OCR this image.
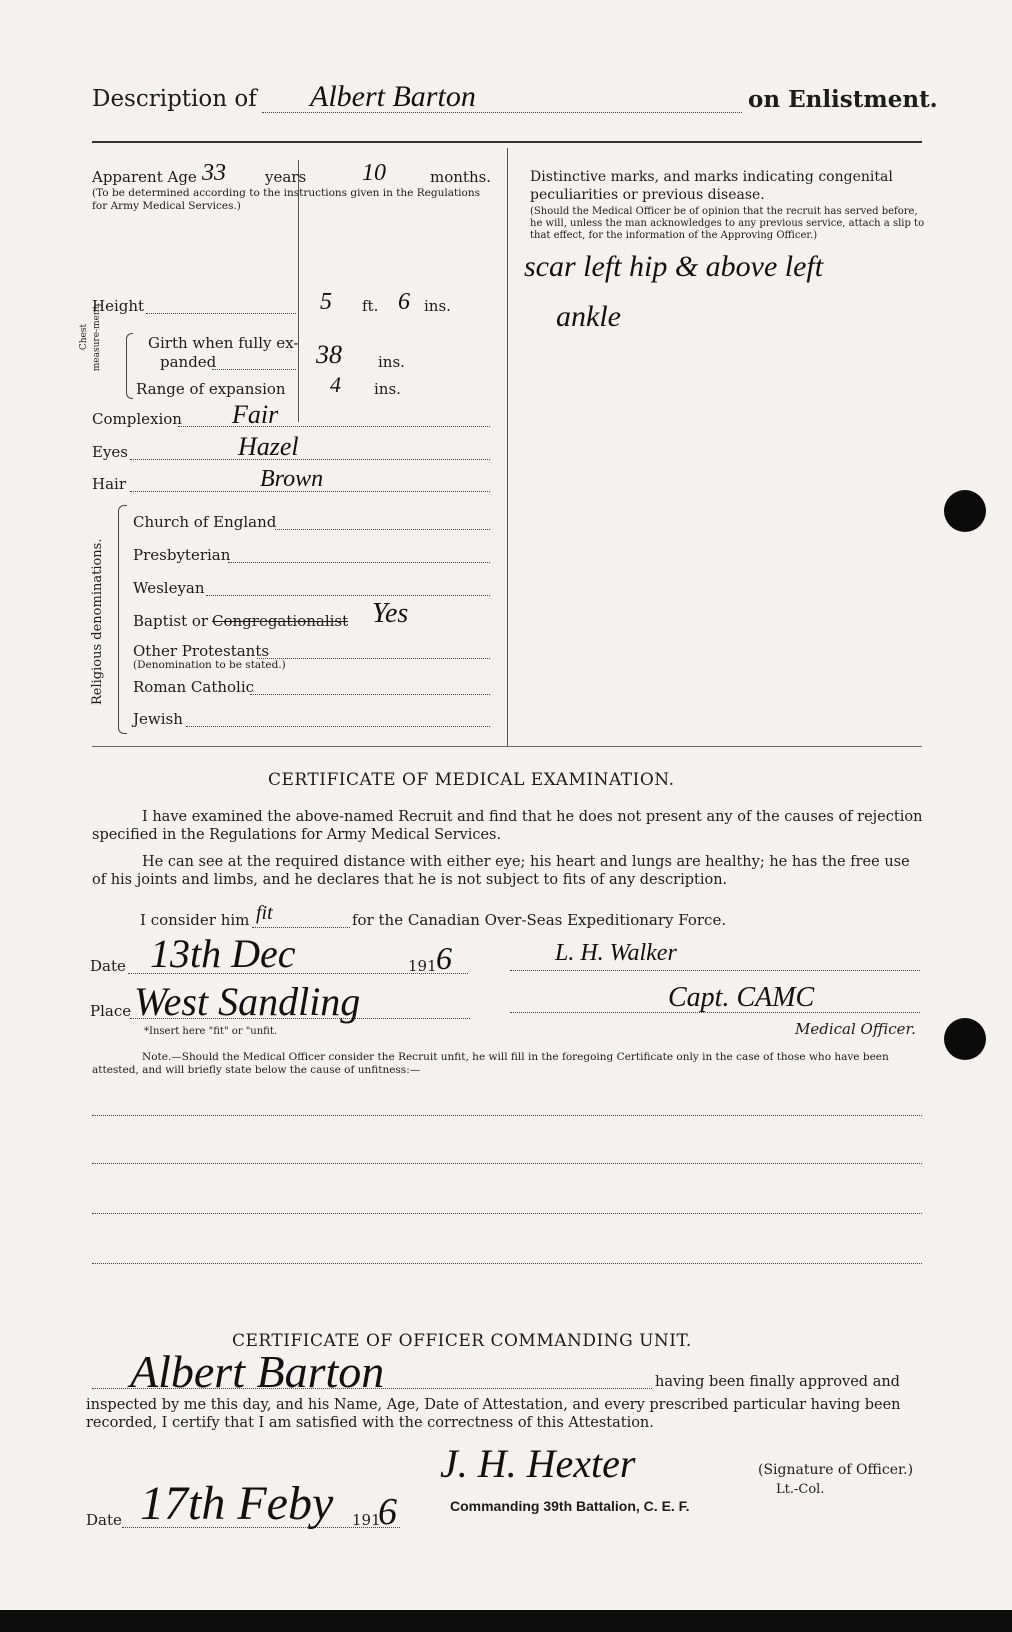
Description of Albert Barton	on Enlistment.
Apparent Age 33	years 10	months.
(To be determined according to the instructions given in the Regulations for Army Medical Services.)
Height	5 ft. 6 ins.
Chest measure-ment.	Girth when fully ex-
panded	38 ins.
Range of expansion 4 ins.
Complexion Fair
Eyes	Hazel
Hair	Brown
Religious denominations.
Church of England
Presbyterian
Wesleyan
Baptist or Congregationalist Yes
Other Protestants
(Denomination to be stated.)
Roman Catholic
Jewish
Distinctive marks, and marks indicating congenital peculiarities or previous disease.
(Should the Medical Officer be of opinion that the recruit has served before, he will, unless the man acknowledges to any previous service, attach a slip to that effect, for the information of the Approving Officer.)
scar left hip & above left
ankle
CERTIFICATE OF MEDICAL EXAMINATION.
I have examined the above-named Recruit and find that he does not present any of the causes of rejection specified in the Regulations for Army Medical Services.
He can see at the required distance with either eye; his heart and lungs are healthy; he has the free use of his joints and limbs, and he declares that he is not subject to fits of any description.
I consider him fit	for the Canadian Over-Seas Expeditionary Force.
Date 13th Dec	191 6	L. H. Walker
Place West Sandling
*Insert here "fit" or "unfit.
Capt. CAMC
Medical Officer.
Note.—Should the Medical Officer consider the Recruit unfit, he will fill in the foregoing Certificate only in the case of those who have been attested, and will briefly state below the cause of unfitness:—
CERTIFICATE OF OFFICER COMMANDING UNIT.
Albert Barton	having been finally approved and
inspected by me this day, and his Name, Age, Date of Attestation, and every prescribed particular having been recorded, I certify that I am satisfied with the correctness of this Attestation.
J. H. Hexter	(Signature of Officer.)
Lt.-Col.
Commanding 39th Battalion, C. E. F.
Date 17th Feby 191
6
